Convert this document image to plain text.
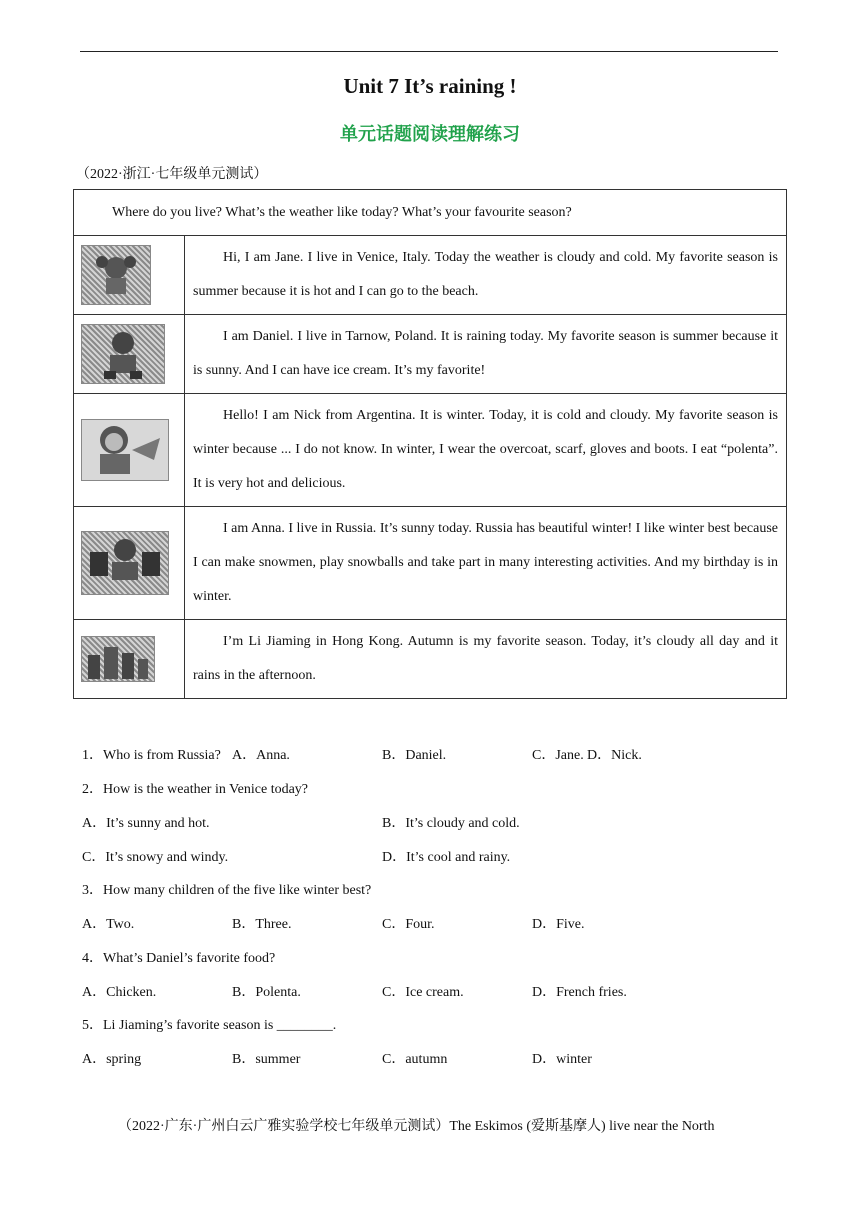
Unit 7 It’s raining !
单元话题阅读理解练习
（2022·浙江·七年级单元测试）
Where do you live? What’s the weather like today? What’s your favourite season?	

	Hi, I am Jane. I live in Venice, Italy. Today the weather is cloudy and cold. My favorite season is summer because it is hot and I can go to the beach.

	I am Daniel. I live in Tarnow, Poland. It is raining today. My favorite season is summer because it is sunny. And I can have ice cream. It’s my favorite!

	Hello! I am Nick from Argentina. It is winter. Today, it is cold and cloudy. My favorite season is winter because ... I do not know. In winter, I wear the overcoat, scarf, gloves and boots. I eat “polenta”. It is very hot and delicious.

	I am Anna. I live in Russia. It’s sunny today. Russia has beautiful winter! I like winter best because I can make snowmen, play snowballs and take part in many interesting activities. And my birthday is in winter.

	I’m Li Jiaming in Hong Kong. Autumn is my favorite season. Today, it’s cloudy all day and it rains in the afternoon.
1．Who is from Russia? A．Anna.	B．Daniel.	C．Jane. D．Nick.
2．How is the weather in Venice today?
A．It’s sunny and hot.	B．It’s cloudy and cold.
C．It’s snowy and windy.	D．It’s cool and rainy.
3．How many children of the five like winter best?
A．Two.	B．Three.	C．Four.	D．Five.
4．What’s Daniel’s favorite food?
A．Chicken.	B．Polenta.	C．Ice cream.	D．French fries.
5．Li Jiaming’s favorite season is ________.
A．spring	B．summer	C．autumn	D．winter
（2022·广东·广州白云广雅实验学校七年级单元测试）The Eskimos (爱斯基摩人) live near the North
